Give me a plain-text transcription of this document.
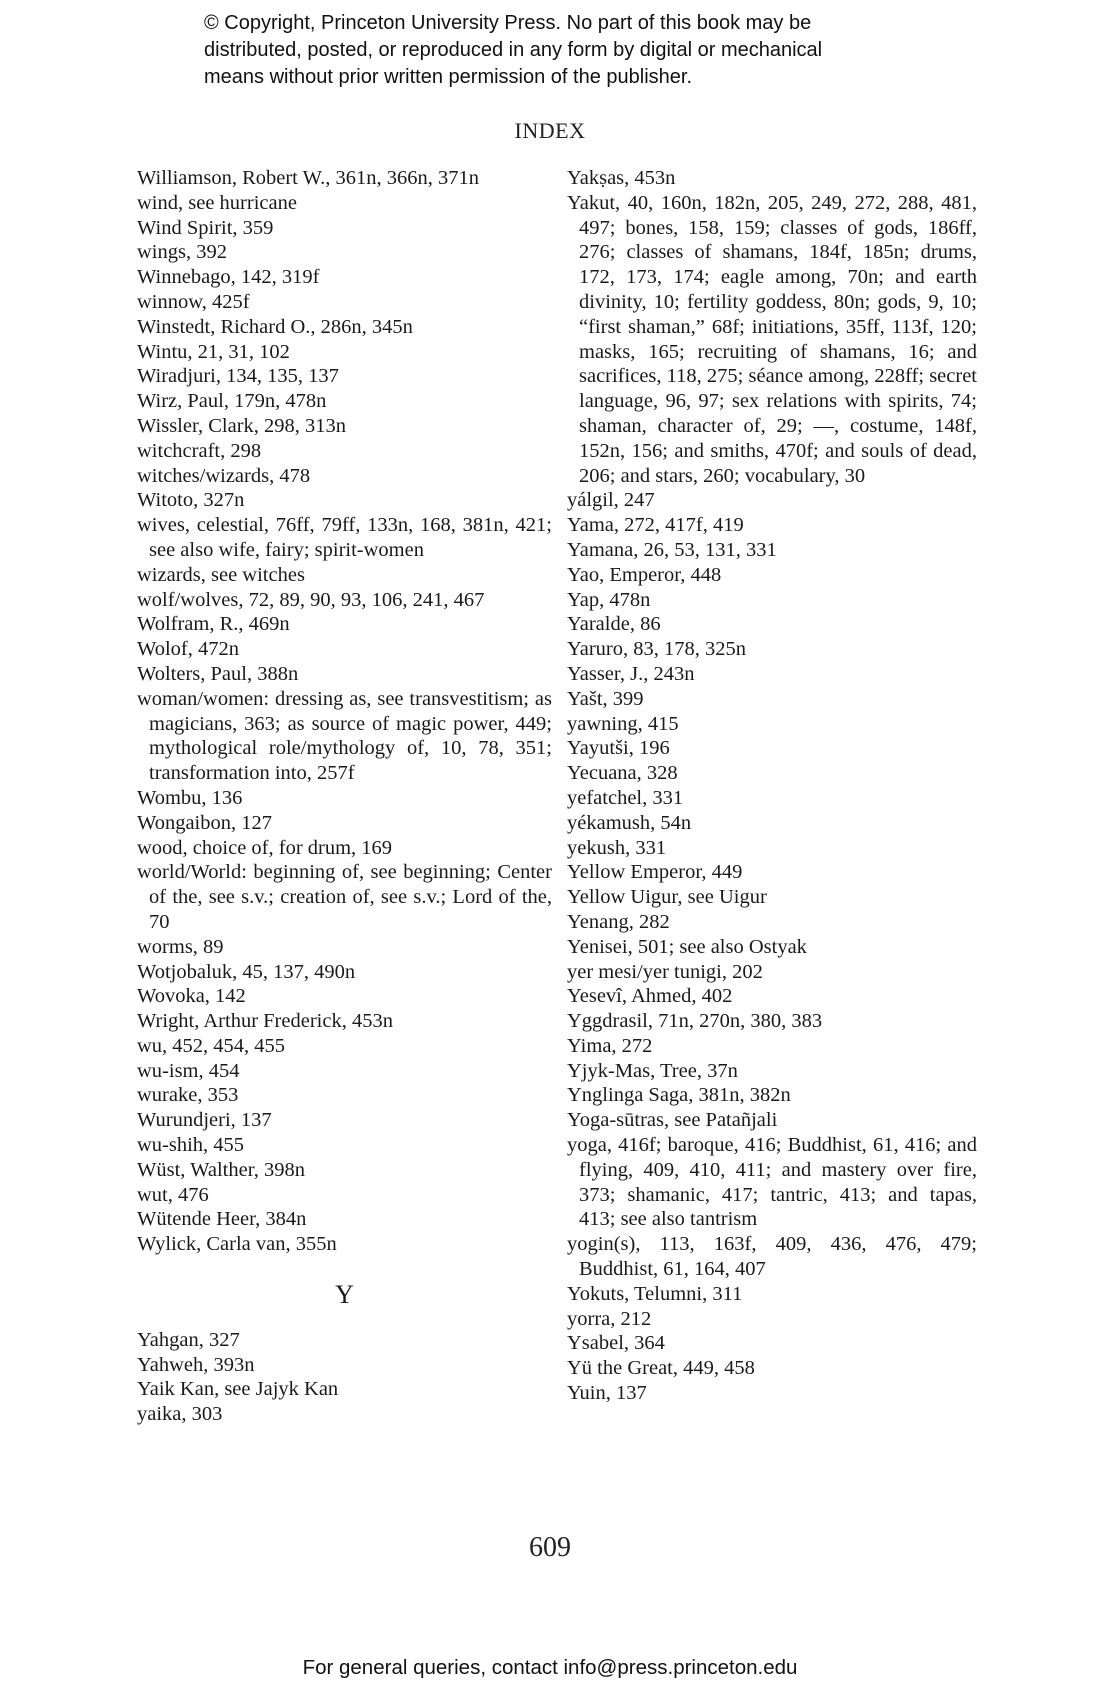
© Copyright, Princeton University Press. No part of this book may be
distributed, posted, or reproduced in any form by digital or mechanical
means without prior written permission of the publisher.
INDEX
Williamson, Robert W., 361n, 366n, 371n
wind, see hurricane
Wind Spirit, 359
wings, 392
Winnebago, 142, 319f
winnow, 425f
Winstedt, Richard O., 286n, 345n
Wintu, 21, 31, 102
Wiradjuri, 134, 135, 137
Wirz, Paul, 179n, 478n
Wissler, Clark, 298, 313n
witchcraft, 298
witches/wizards, 478
Witoto, 327n
wives, celestial, 76ff, 79ff, 133n, 168, 381n, 421; see also wife, fairy; spirit-women
wizards, see witches
wolf/wolves, 72, 89, 90, 93, 106, 241, 467
Wolfram, R., 469n
Wolof, 472n
Wolters, Paul, 388n
woman/women: dressing as, see transvestitism; as magicians, 363; as source of magic power, 449; mythological role/mythology of, 10, 78, 351; transformation into, 257f
Wombu, 136
Wongaibon, 127
wood, choice of, for drum, 169
world/World: beginning of, see beginning; Center of the, see s.v.; creation of, see s.v.; Lord of the, 70
worms, 89
Wotjobaluk, 45, 137, 490n
Wovoka, 142
Wright, Arthur Frederick, 453n
wu, 452, 454, 455
wu-ism, 454
wurake, 353
Wurundjeri, 137
wu-shih, 455
Wüst, Walther, 398n
wut, 476
Wütende Heer, 384n
Wylick, Carla van, 355n
Y
Yahgan, 327
Yahweh, 393n
Yaik Kan, see Jajyk Kan
yaika, 303
Yakṣas, 453n
Yakut, 40, 160n, 182n, 205, 249, 272, 288, 481, 497; bones, 158, 159; classes of gods, 186ff, 276; classes of shamans, 184f, 185n; drums, 172, 173, 174; eagle among, 70n; and earth divinity, 10; fertility goddess, 80n; gods, 9, 10; “first shaman,” 68f; initiations, 35ff, 113f, 120; masks, 165; recruiting of shamans, 16; and sacrifices, 118, 275; séance among, 228ff; secret language, 96, 97; sex relations with spirits, 74; shaman, character of, 29; —, costume, 148f, 152n, 156; and smiths, 470f; and souls of dead, 206; and stars, 260; vocabulary, 30
yálgil, 247
Yama, 272, 417f, 419
Yamana, 26, 53, 131, 331
Yao, Emperor, 448
Yap, 478n
Yaralde, 86
Yaruro, 83, 178, 325n
Yasser, J., 243n
Yašt, 399
yawning, 415
Yayutši, 196
Yecuana, 328
yefatchel, 331
yékamush, 54n
yekush, 331
Yellow Emperor, 449
Yellow Uigur, see Uigur
Yenang, 282
Yenisei, 501; see also Ostyak
yer mesi/yer tunigi, 202
Yesevî, Ahmed, 402
Yggdrasil, 71n, 270n, 380, 383
Yima, 272
Yjyk-Mas, Tree, 37n
Ynglinga Saga, 381n, 382n
Yoga-sūtras, see Patañjali
yoga, 416f; baroque, 416; Buddhist, 61, 416; and flying, 409, 410, 411; and mastery over fire, 373; shamanic, 417; tantric, 413; and tapas, 413; see also tantrism
yogin(s), 113, 163f, 409, 436, 476, 479; Buddhist, 61, 164, 407
Yokuts, Telumni, 311
yorra, 212
Ysabel, 364
Yü the Great, 449, 458
Yuin, 137
609
For general queries, contact info@press.princeton.edu
